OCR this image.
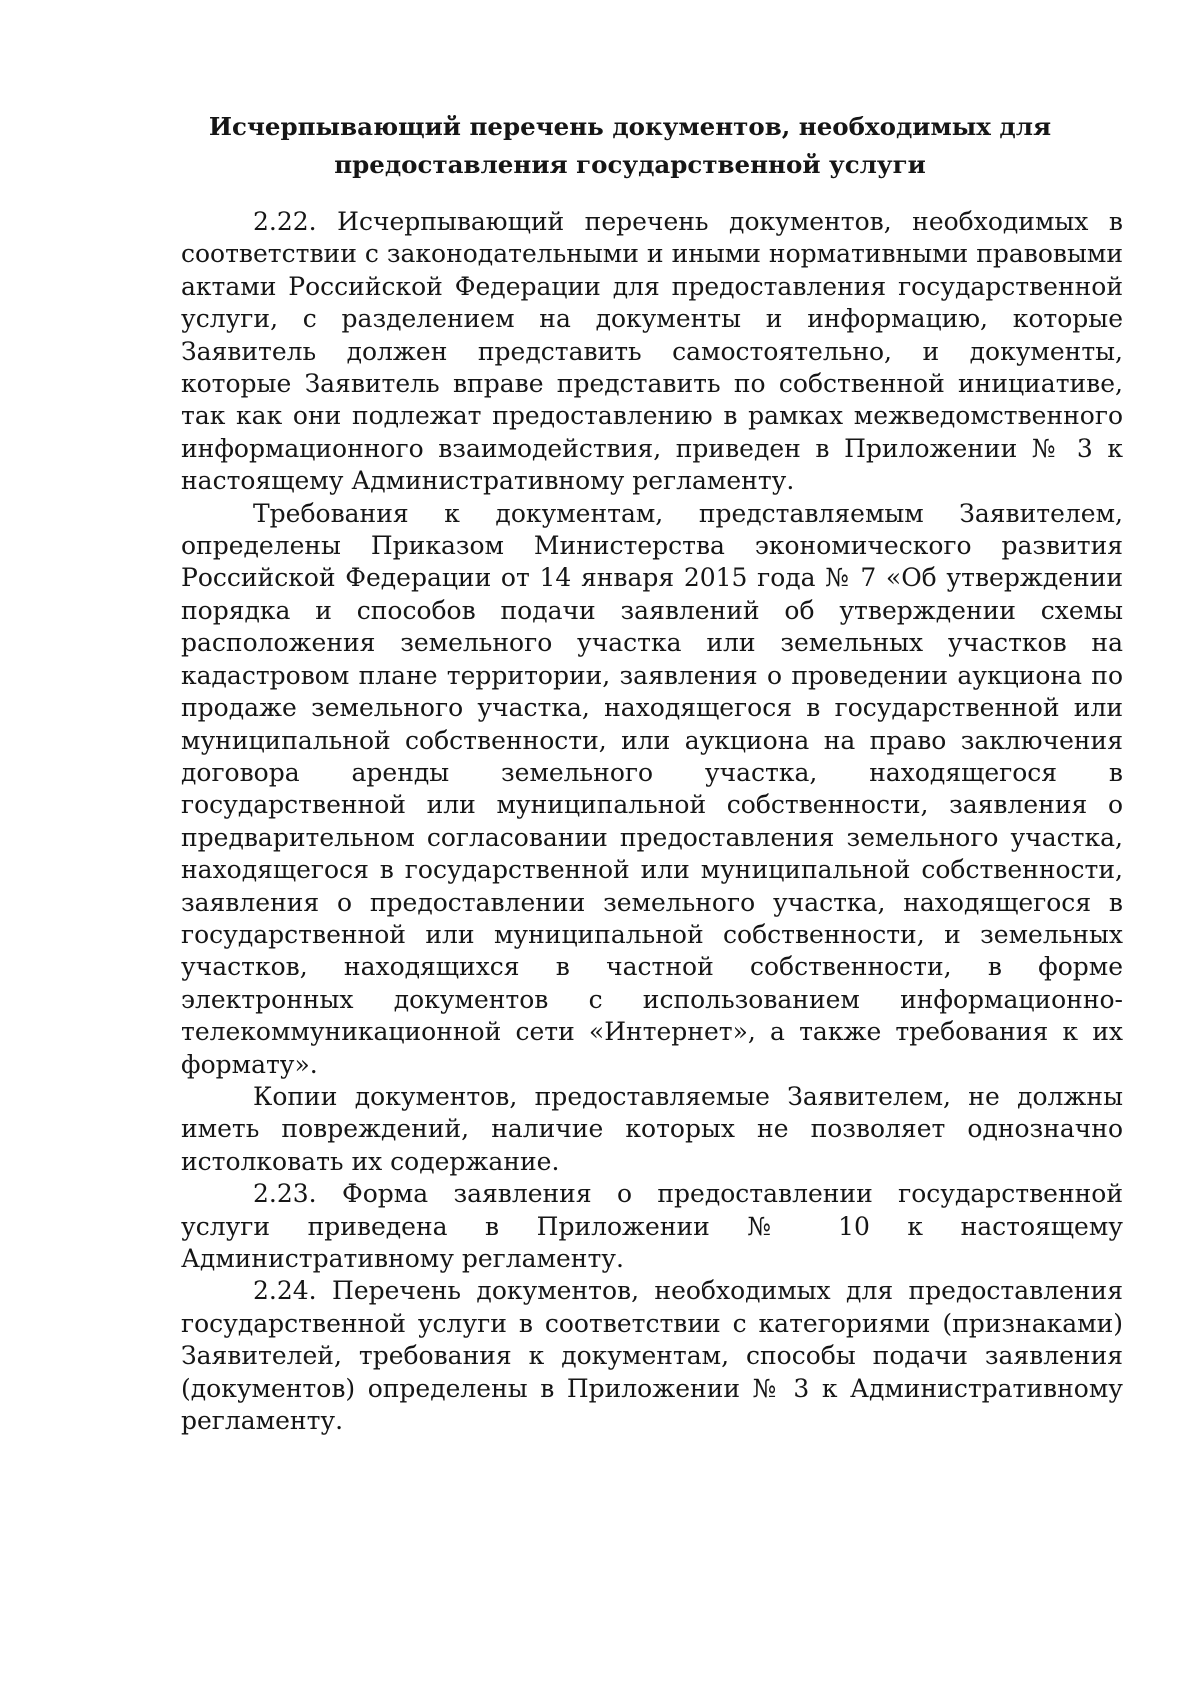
Исчерпывающий перечень документов, необходимых для
предоставления государственной услуги

2.22. Исчерпывающий перечень документов, необходимых в соответствии с законодательными и иными нормативными правовыми актами Российской Федерации для предоставления государственной услуги, с разделением на документы и информацию, которые Заявитель должен представить самостоятельно, и документы, которые Заявитель вправе представить по собственной инициативе, так как они подлежат предоставлению в рамках межведомственного информационного взаимодействия, приведен в Приложении № 3 к настоящему Административному регламенту.

Требования к документам, представляемым Заявителем, определены Приказом Министерства экономического развития Российской Федерации от 14 января 2015 года № 7 «Об утверждении порядка и способов подачи заявлений об утверждении схемы расположения земельного участка или земельных участков на кадастровом плане территории, заявления о проведении аукциона по продаже земельного участка, находящегося в государственной или муниципальной собственности, или аукциона на право заключения договора аренды земельного участка, находящегося в государственной или муниципальной собственности, заявления о предварительном согласовании предоставления земельного участка, находящегося в государственной или муниципальной собственности, заявления о предоставлении земельного участка, находящегося в государственной или муниципальной собственности, и земельных участков, находящихся в частной собственности, в форме электронных документов с использованием информационно-телекоммуникационной сети «Интернет», а также требования к их формату».

Копии документов, предоставляемые Заявителем, не должны иметь повреждений, наличие которых не позволяет однозначно истолковать их содержание.

2.23. Форма заявления о предоставлении государственной услуги приведена в Приложении № 10 к настоящему Административному регламенту.

2.24. Перечень документов, необходимых для предоставления государственной услуги в соответствии с категориями (признаками) Заявителей, требования к документам, способы подачи заявления (документов) определены в Приложении № 3 к Административному регламенту.
